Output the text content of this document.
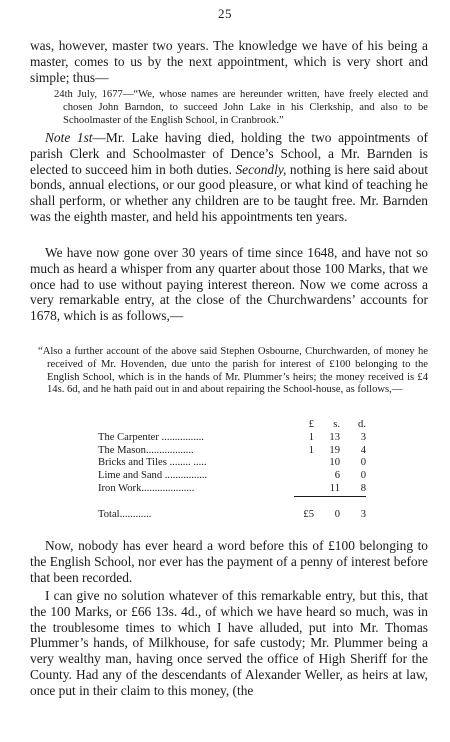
25

was, however, master two years. The knowledge we have of his being a master, comes to us by the next appointment, which is very short and simple; thus—

24th July, 1677—“We, whose names are hereunder written, have freely elected and chosen John Barndon, to succeed John Lake in his Clerkship, and also to be Schoolmaster of the English School, in Cranbrook.”

Note 1st—Mr. Lake having died, holding the two appointments of parish Clerk and Schoolmaster of Dence’s School, a Mr. Barnden is elected to succeed him in both duties. Secondly, nothing is here said about bonds, annual elections, or our good pleasure, or what kind of teaching he shall perform, or whether any children are to be taught free. Mr. Barnden was the eighth master, and held his appointments ten years.

We have now gone over 30 years of time since 1648, and have not so much as heard a whisper from any quarter about those 100 Marks, that we once had to use without paying interest thereon. Now we come across a very remarkable entry, at the close of the Churchwardens’ accounts for 1678, which is as follows,—

“Also a further account of the above said Stephen Osbourne, Churchwarden, of money he received of Mr. Hovenden, due unto the parish for interest of £100 belonging to the English School, which is in the hands of Mr. Plummer’s heirs; the money received is £4 14s. 6d, and he hath paid out in and about repairing the School-house, as follows,—

	£	s.	d.
The Carpenter ................	1	13	3
The Mason..................	1	19	4
Bricks and Tiles ........ .....		10	0
Lime and Sand ................		6	0
Iron Work....................		11	8

Total............	£5	0	3

Now, nobody has ever heard a word before this of £100 belonging to the English School, nor ever has the payment of a penny of interest before that been recorded.

I can give no solution whatever of this remarkable entry, but this, that the 100 Marks, or £66 13s. 4d., of which we have heard so much, was in the troublesome times to which I have alluded, put into Mr. Thomas Plummer’s hands, of Milkhouse, for safe custody; Mr. Plummer being a very wealthy man, having once served the office of High Sheriff for the County. Had any of the descendants of Alexander Weller, as heirs at law, once put in their claim to this money, (the
